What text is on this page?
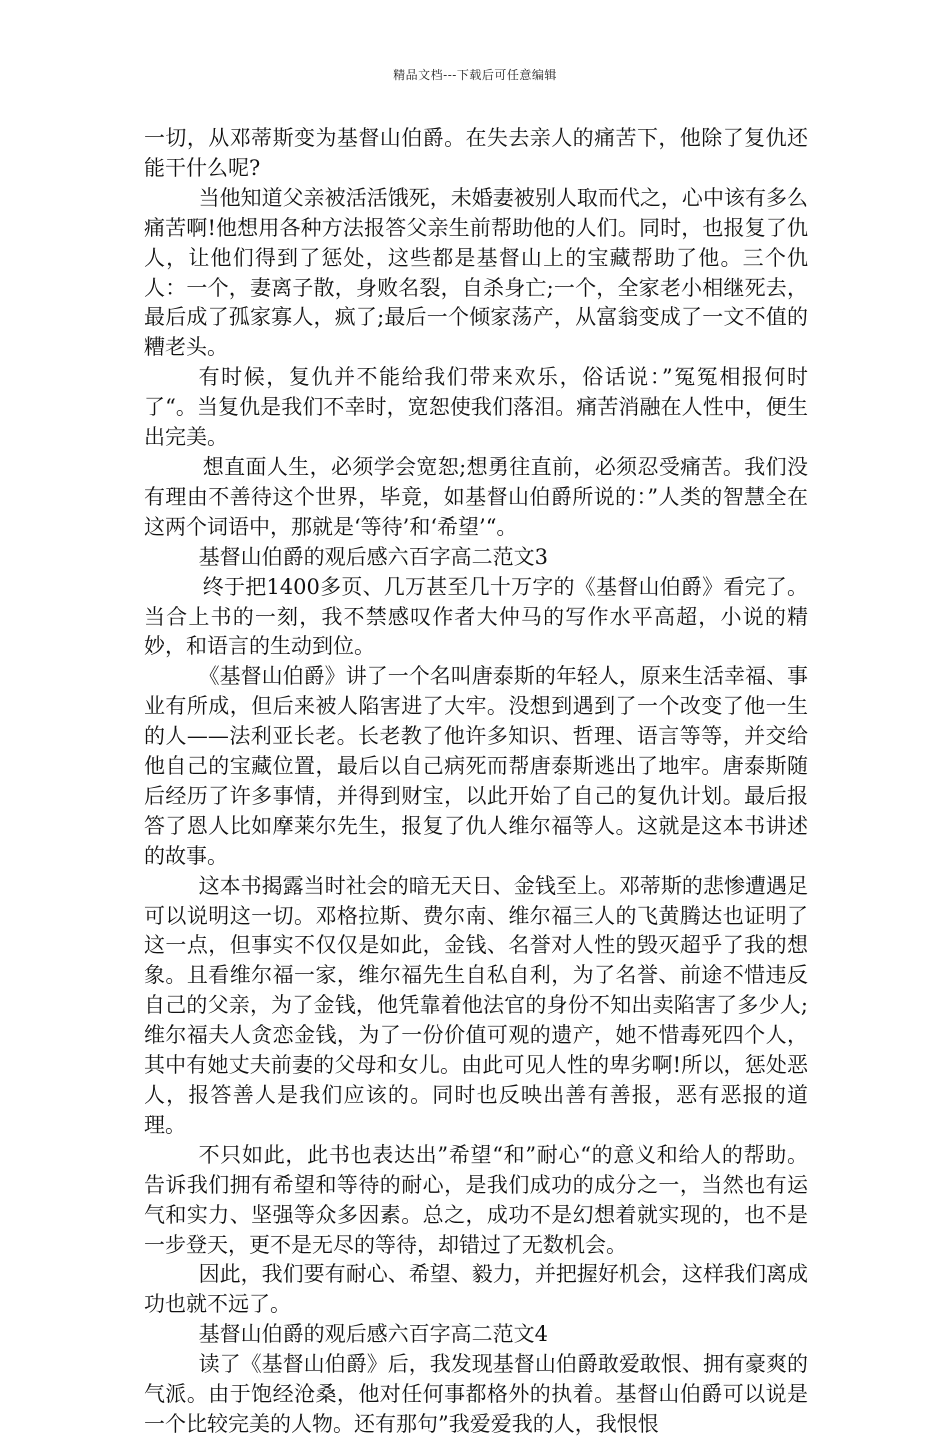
精品文档---下载后可任意编辑

一切，从邓蒂斯变为基督山伯爵。在失去亲人的痛苦下，他除了复仇还能干什么呢?

当他知道父亲被活活饿死，未婚妻被别人取而代之，心中该有多么痛苦啊!他想用各种方法报答父亲生前帮助他的人们。同时，也报复了仇人，让他们得到了惩处，这些都是基督山上的宝藏帮助了他。三个仇人：一个，妻离子散，身败名裂，自杀身亡;一个，全家老小相继死去，最后成了孤家寡人，疯了;最后一个倾家荡产，从富翁变成了一文不值的糟老头。

有时候，复仇并不能给我们带来欢乐，俗话说：”冤冤相报何时了“。当复仇是我们不幸时，宽恕使我们落泪。痛苦消融在人性中，便生出完美。

想直面人生，必须学会宽恕;想勇往直前，必须忍受痛苦。我们没有理由不善待这个世界，毕竟，如基督山伯爵所说的：”人类的智慧全在这两个词语中，那就是‘等待’和‘希望’“。

基督山伯爵的观后感六百字高二范文3

终于把1400多页、几万甚至几十万字的《基督山伯爵》看完了。当合上书的一刻，我不禁感叹作者大仲马的写作水平高超，小说的精妙，和语言的生动到位。

《基督山伯爵》讲了一个名叫唐泰斯的年轻人，原来生活幸福、事业有所成，但后来被人陷害进了大牢。没想到遇到了一个改变了他一生的人——法利亚长老。长老教了他许多知识、哲理、语言等等，并交给他自己的宝藏位置，最后以自己病死而帮唐泰斯逃出了地牢。唐泰斯随后经历了许多事情，并得到财宝，以此开始了自己的复仇计划。最后报答了恩人比如摩莱尔先生，报复了仇人维尔福等人。这就是这本书讲述的故事。

这本书揭露当时社会的暗无天日、金钱至上。邓蒂斯的悲惨遭遇足可以说明这一切。邓格拉斯、费尔南、维尔福三人的飞黄腾达也证明了这一点，但事实不仅仅是如此，金钱、名誉对人性的毁灭超乎了我的想象。且看维尔福一家，维尔福先生自私自利，为了名誉、前途不惜违反自己的父亲，为了金钱，他凭靠着他法官的身份不知出卖陷害了多少人;维尔福夫人贪恋金钱，为了一份价值可观的遗产，她不惜毒死四个人，其中有她丈夫前妻的父母和女儿。由此可见人性的卑劣啊!所以，惩处恶人，报答善人是我们应该的。同时也反映出善有善报，恶有恶报的道理。

不只如此，此书也表达出”希望“和”耐心“的意义和给人的帮助。告诉我们拥有希望和等待的耐心，是我们成功的成分之一，当然也有运气和实力、坚强等众多因素。总之，成功不是幻想着就实现的，也不是一步登天，更不是无尽的等待，却错过了无数机会。

因此，我们要有耐心、希望、毅力，并把握好机会，这样我们离成功也就不远了。

基督山伯爵的观后感六百字高二范文4

读了《基督山伯爵》后，我发现基督山伯爵敢爱敢恨、拥有豪爽的气派。由于饱经沧桑，他对任何事都格外的执着。基督山伯爵可以说是一个比较完美的人物。还有那句”我爱爱我的人，我恨恨
